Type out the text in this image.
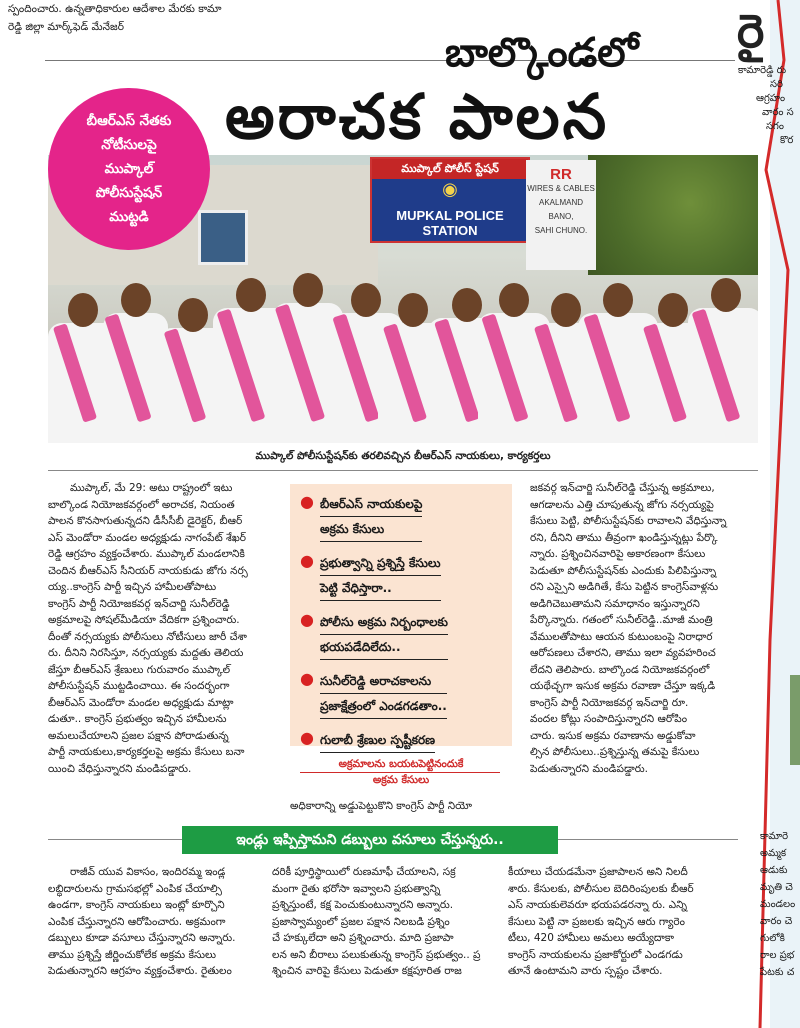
స్పందించారు. ఉన్నతాధికారుల ఆదేశాల మేరకు కామా
రెడ్డి జిల్లా మార్క్‌ఫెడ్ మేనేజర్	రై
కామారెడ్డి రు
సరి
ఆగ్రహం
వారం స
సగం
కొర
కామారె
అమ్మక
ఆడుకు
మృతి చె
మండలం
వారం చె
గులోకి
రాల ప్రభ
పేటకు చ
బాల్కొండలో
అరాచక పాలన
బీఆర్ఎస్ నేతకు
నోటీసులపై
ముప్కాల్
పోలీసుస్టేషన్
ముట్టడి
ముప్కాల్ పోలీస్ స్టేషన్
◉
MUPKAL POLICE STATION
RR
WIRES & CABLES
AKALMAND
BANO,
SAHI CHUNO.
ముప్కాల్ పోలీసుస్టేషన్‌కు తరలివచ్చిన బీఆర్ఎస్ నాయకులు, కార్యకర్తలు
ముప్కాల్, మే 29: అటు రాష్ట్రంలో ఇటు
బాల్కొండ నియోజకవర్గంలో అరాచక, నియంత
పాలన కొనసాగుతున్నదని డీసీసీబీ డైరెక్టర్, బీఆర్
ఎస్ మెండోరా మండల అధ్యక్షుడు నాగంపేట్ శేఖర్
రెడ్డి ఆగ్రహం వ్యక్తంచేశారు. ముప్కాల్ మండలానికి
చెందిన బీఆర్ఎస్ సీనియర్ నాయకుడు జోగు నర్స
య్య..కాంగ్రెస్ పార్టీ ఇచ్చిన హామీలతోపాటు
కాంగ్రెస్ పార్టీ నియోజకవర్గ ఇన్‌చార్జి సునీల్‌రెడ్డి
అక్రమాలపై సోషల్‌మీడియా వేదికగా ప్రశ్నించారు.
దీంతో నర్సయ్యకు పోలీసులు నోటీసులు జారీ చేశా
రు. దీనిని నిరసిస్తూ, నర్సయ్యకు మద్దతు తెలియ
జేస్తూ బీఆర్ఎస్ శ్రేణులు గురువారం ముప్కాల్
పోలీసుస్టేషన్ ముట్టడించాయి. ఈ సందర్భంగా
బీఆర్ఎస్ మెండోరా మండల అధ్యక్షుడు మాట్లా
డుతూ.. కాంగ్రెస్ ప్రభుత్వం ఇచ్చిన హామీలను
అమలుచేయాలని ప్రజల పక్షాన పోరాడుతున్న
పార్టీ నాయకులు,కార్యకర్తలపై అక్రమ కేసులు బనా
యించి వేధిస్తున్నారని మండిపడ్డారు.
● బీఆర్ఎస్ నాయకులపై
అక్రమ కేసులు
● ప్రభుత్వాన్ని ప్రశ్నిస్తే కేసులు
పెట్టి వేధిస్తారా..
● పోలీసు అక్రమ నిర్బంధాలకు
భయపడేదిలేదు..
● సునీల్‌రెడ్డి అరాచకాలను
ప్రజాక్షేత్రంలో ఎండగడతాం..
● గులాబీ శ్రేణుల స్పష్టీకరణ
అక్రమాలను బయటపెట్టినందుకే
అక్రమ కేసులు
అధికారాన్ని అడ్డుపెట్టుకొని కాంగ్రెస్ పార్టీ నియో
జకవర్గ ఇన్‌చార్జి సునీల్‌రెడ్డి చేస్తున్న అక్రమాలు,
ఆగడాలను ఎత్తి చూపుతున్న జోగు నర్సయ్యపై
కేసులు పెట్టి, పోలీసుస్టేషన్‌కు రావాలని వేధిస్తున్నా
రని, దీనిని తాము తీవ్రంగా ఖండిస్తున్నట్లు పేర్కొ
న్నారు. ప్రశ్నించినవారిపై అకారణంగా కేసులు
పెడుతూ పోలీసుస్టేషన్‌కు ఎందుకు పిలిపిస్తున్నా
రని ఎస్సైని అడిగితే, కేసు పెట్టిన కాంగ్రెస్‌వాళ్లను
అడిగిచెబుతామని సమాధానం ఇస్తున్నారని
పేర్కొన్నారు. గతంలో సునీల్‌రెడ్డి..మాజీ మంత్రి
వేముల‌తోపాటు ఆయన కుటుంబంపై నిరాధార
ఆరోపణలు చేశారని, తాము ఇలా వ్యవహరించ
లేదని తెలిపారు. బాల్కొండ నియోజకవర్గంలో
యథేచ్ఛగా ఇసుక అక్రమ రవాణా చేస్తూ ఇక్కడి
కాంగ్రెస్ పార్టీ నియోజకవర్గ ఇన్‌చార్జి రూ.
వందల కోట్లు సంపాదిస్తున్నారని ఆరోపిం
చారు. ఇసుక అక్రమ రవాణాను అడ్డుకోవా
ల్సిన పోలీసులు..ప్రశ్నిస్తున్న తమపై కేసులు
పెడుతున్నారని మండిపడ్డారు.
ఇండ్లు ఇప్పిస్తామని డబ్బులు వసూలు చేస్తున్నరు..
రాజీవ్ యువ వికాసం, ఇందిరమ్మ ఇండ్ల
లబ్ధిదారులను గ్రామసభల్లో ఎంపిక చేయాల్సి
ఉండగా, కాంగ్రెస్ నాయకులు ఇంట్లో కూర్చొని
ఎంపిక చేస్తున్నారని ఆరోపించారు. అక్రమంగా
డబ్బులు కూడా వసూలు చేస్తున్నారని అన్నారు.
తాము ప్రశ్నిస్తే జీర్ణించుకోలేక అక్రమ కేసులు
పెడుతున్నారని ఆగ్రహం వ్యక్తంచేశారు. రైతులం
దరికీ పూర్తిస్థాయిలో రుణమాఫీ చేయాలని, సక్ర
మంగా రైతు భరోసా ఇవ్వాలని ప్రభుత్వాన్ని
ప్రశ్నిస్తుంటే, కక్ష పెంచుకుంటున్నారని అన్నారు.
ప్రజాస్వామ్యంలో ప్రజల పక్షాన నిలబడి ప్రశ్నిం
చే హక్కులేదా అని ప్రశ్నించారు. మాది ప్రజాపా
లన అని బీరాలు పలుకుతున్న కాంగ్రెస్ ప్రభుత్వం.. ప్ర
శ్నించిన వారిపై కేసులు పెడుతూ కక్షపూరిత రాజ
కీయాలు చేయడమేనా ప్రజాపాలన అని నిలదీ
శారు. కేసులకు, పోలీసుల బెదిరింపులకు బీఆర్
ఎస్ నాయకులెవరూ భయపడరన్నా రు. ఎన్ని
కేసులు పెట్టి నా ప్రజలకు ఇచ్చిన ఆరు గ్యారెం
టీలు, 420 హామీలు అమలు అయ్యేదాకా
కాంగ్రెస్ నాయకులను ప్రజాకోర్టులో ఎండగడు
తూనే ఉంటామని వారు స్పష్టం చేశారు.
